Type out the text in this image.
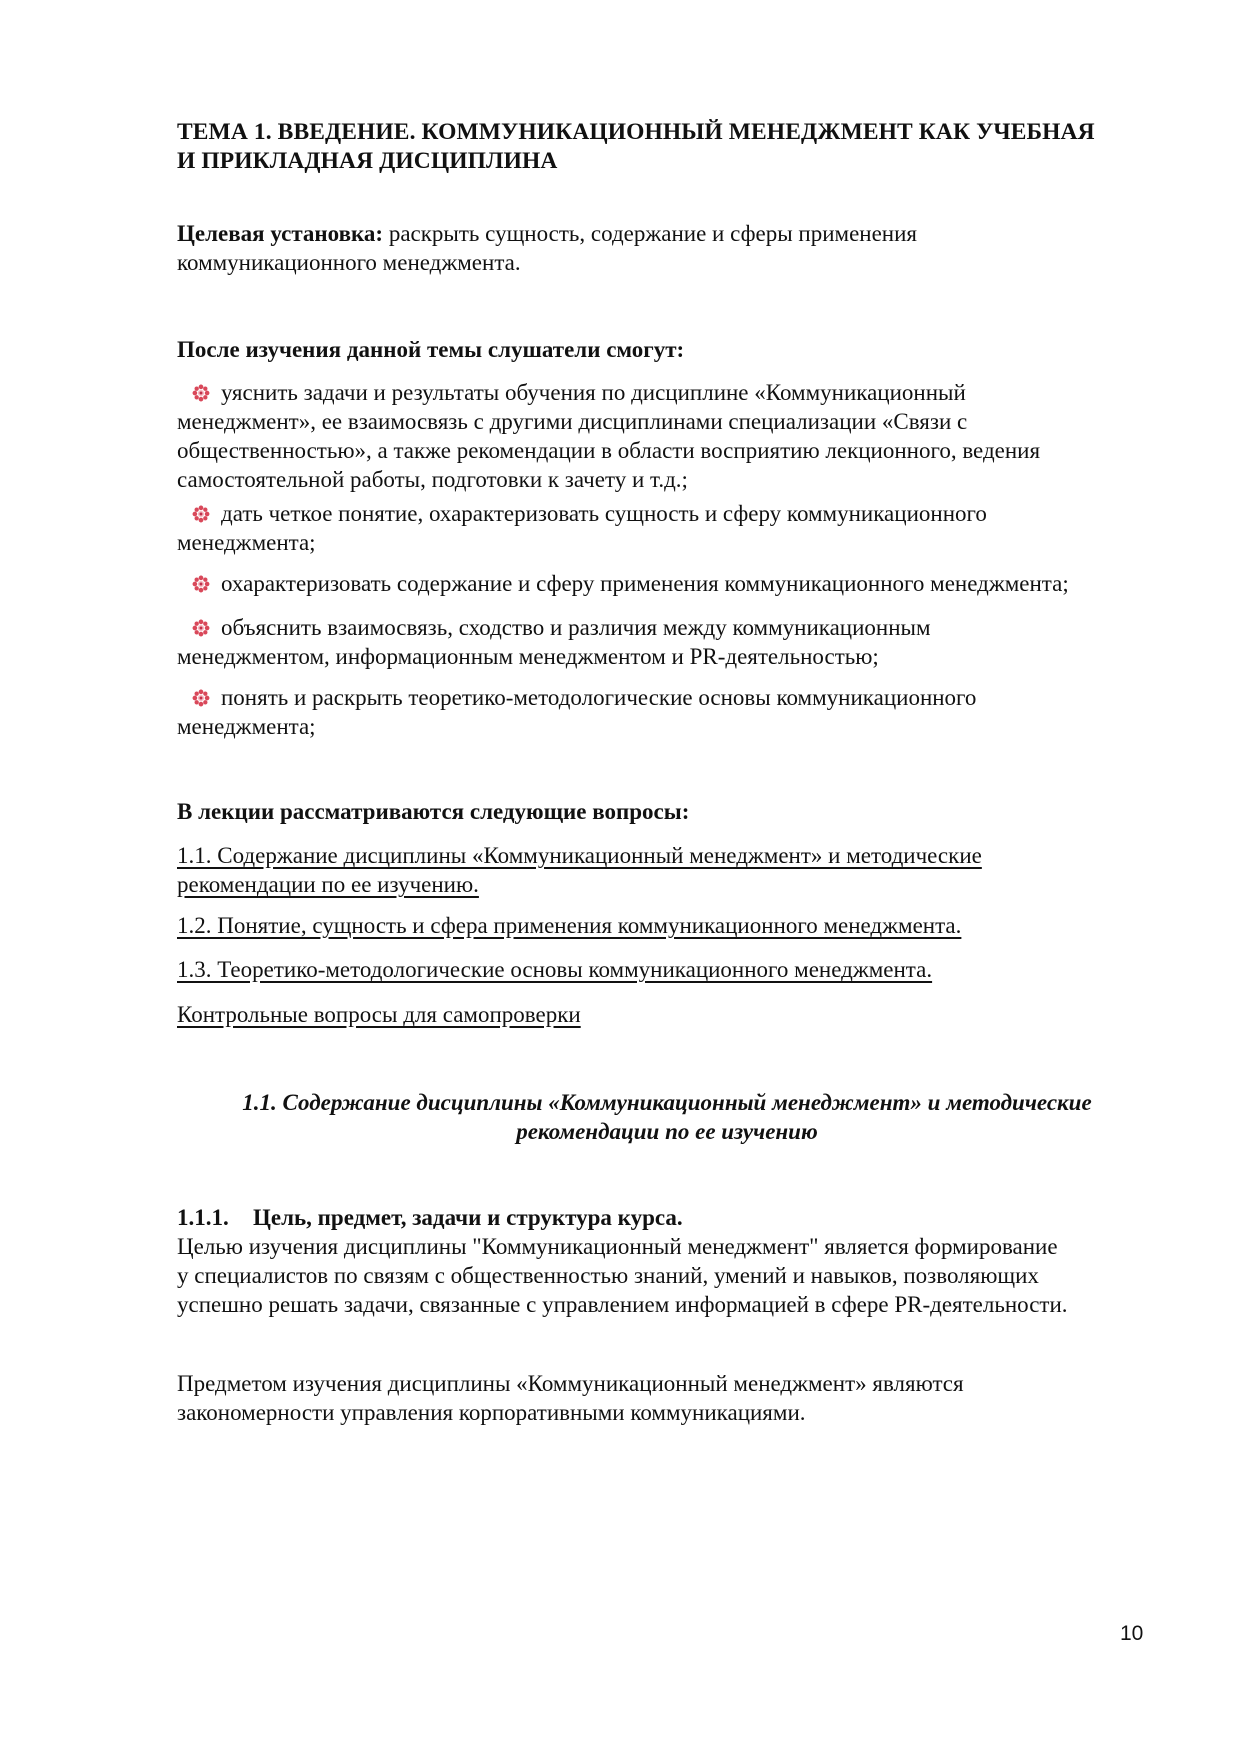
ТЕМА 1. ВВЕДЕНИЕ. КОММУНИКАЦИОННЫЙ МЕНЕДЖМЕНТ КАК УЧЕБНАЯ
И ПРИКЛАДНАЯ ДИСЦИПЛИНА
Целевая установка: раскрыть сущность, содержание и сферы применения
коммуникационного менеджмента.
После изучения данной темы слушатели смогут:
уяснить задачи и результаты обучения по дисциплине «Коммуникационный
менеджмент», ее взаимосвязь с другими дисциплинами специализации «Связи с
общественностью», а также рекомендации в области восприятию лекционного, ведения
самостоятельной работы, подготовки к зачету и т.д.;
дать четкое понятие, охарактеризовать сущность и сферу коммуникационного
менеджмента;
охарактеризовать содержание и сферу применения коммуникационного менеджмента;
объяснить взаимосвязь, сходство и различия между коммуникационным
менеджментом, информационным менеджментом и PR-деятельностью;
понять и раскрыть теоретико-методологические основы коммуникационного
менеджмента;
В лекции рассматриваются следующие вопросы:
1.1. Содержание дисциплины «Коммуникационный менеджмент» и методические
рекомендации по ее изучению.
1.2. Понятие, сущность и сфера применения коммуникационного менеджмента.
1.3. Теоретико-методологические основы коммуникационного менеджмента.
Контрольные вопросы для самопроверки
1.1. Содержание дисциплины «Коммуникационный менеджмент» и методические
рекомендации по ее изучению
1.1.1. Цель, предмет, задачи и структура курса.
Целью изучения дисциплины "Коммуникационный менеджмент" является формирование
у специалистов по связям с общественностью знаний, умений и навыков, позволяющих
успешно решать задачи, связанные с управлением информацией в сфере PR-деятельности.
Предметом изучения дисциплины «Коммуникационный менеджмент» являются
закономерности управления корпоративными коммуникациями.
10
